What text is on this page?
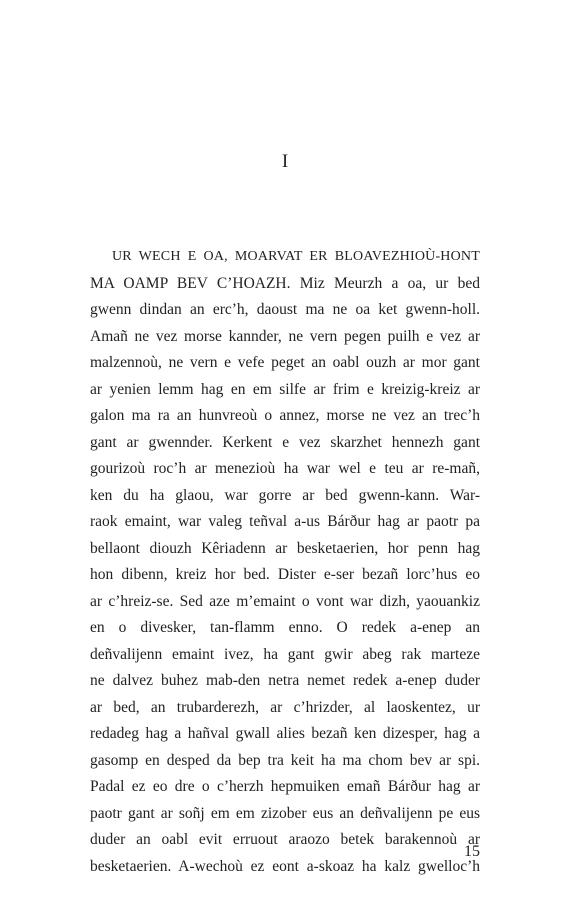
I
UR WECH E OA, MOARVAT ER BLOAVEZHIOÙ-HONT
MA OAMP BEV C’HOAZH. Miz Meurzh a oa, ur bed
gwenn dindan an erc’h, daoust ma ne oa ket gwenn-holl.
Amañ ne vez morse kannder, ne vern pegen puilh e vez ar
malzennoù, ne vern e vefe peget an oabl ouzh ar mor gant
ar yenien lemm hag en em silfe ar frim e kreizig-kreiz ar
galon ma ra an hunvreoù o annez, morse ne vez an trec’h
gant ar gwennder. Kerkent e vez skarzhet hennezh gant
gourizoù roc’h ar menezioù ha war wel e teu ar re-mañ,
ken du ha glaou, war gorre ar bed gwenn-kann. War-
raok emaint, war valeg teñval a-us Bárður hag ar paotr pa
bellaont diouzh Kêriadenn ar besketaerien, hor penn hag
hon dibenn, kreiz hor bed. Dister e-ser bezañ lorc’hus eo
ar c’hreiz-se. Sed aze m’emaint o vont war dizh, yaouankiz
en o divesker, tan-flamm enno. O redek a-enep an
deñvalijenn emaint ivez, ha gant gwir abeg rak marteze
ne dalvez buhez mab-den netra nemet redek a-enep duder
ar bed, an trubarderezh, ar c’hrizder, al laoskentez, ur
redadeg hag a hañval gwall alies bezañ ken dizesper, hag a
gasomp en desped da bep tra keit ha ma chom bev ar spi.
Padal ez eo dre o c’herzh hepmuiken emañ Bárður hag ar
paotr gant ar soñj em em zizober eus an deñvalijenn pe eus
duder an oabl evit erruout araozo betek barakennoù ar
besketaerien. A-wechoù ez eont a-skoaz ha kalz gwelloc’h
15
